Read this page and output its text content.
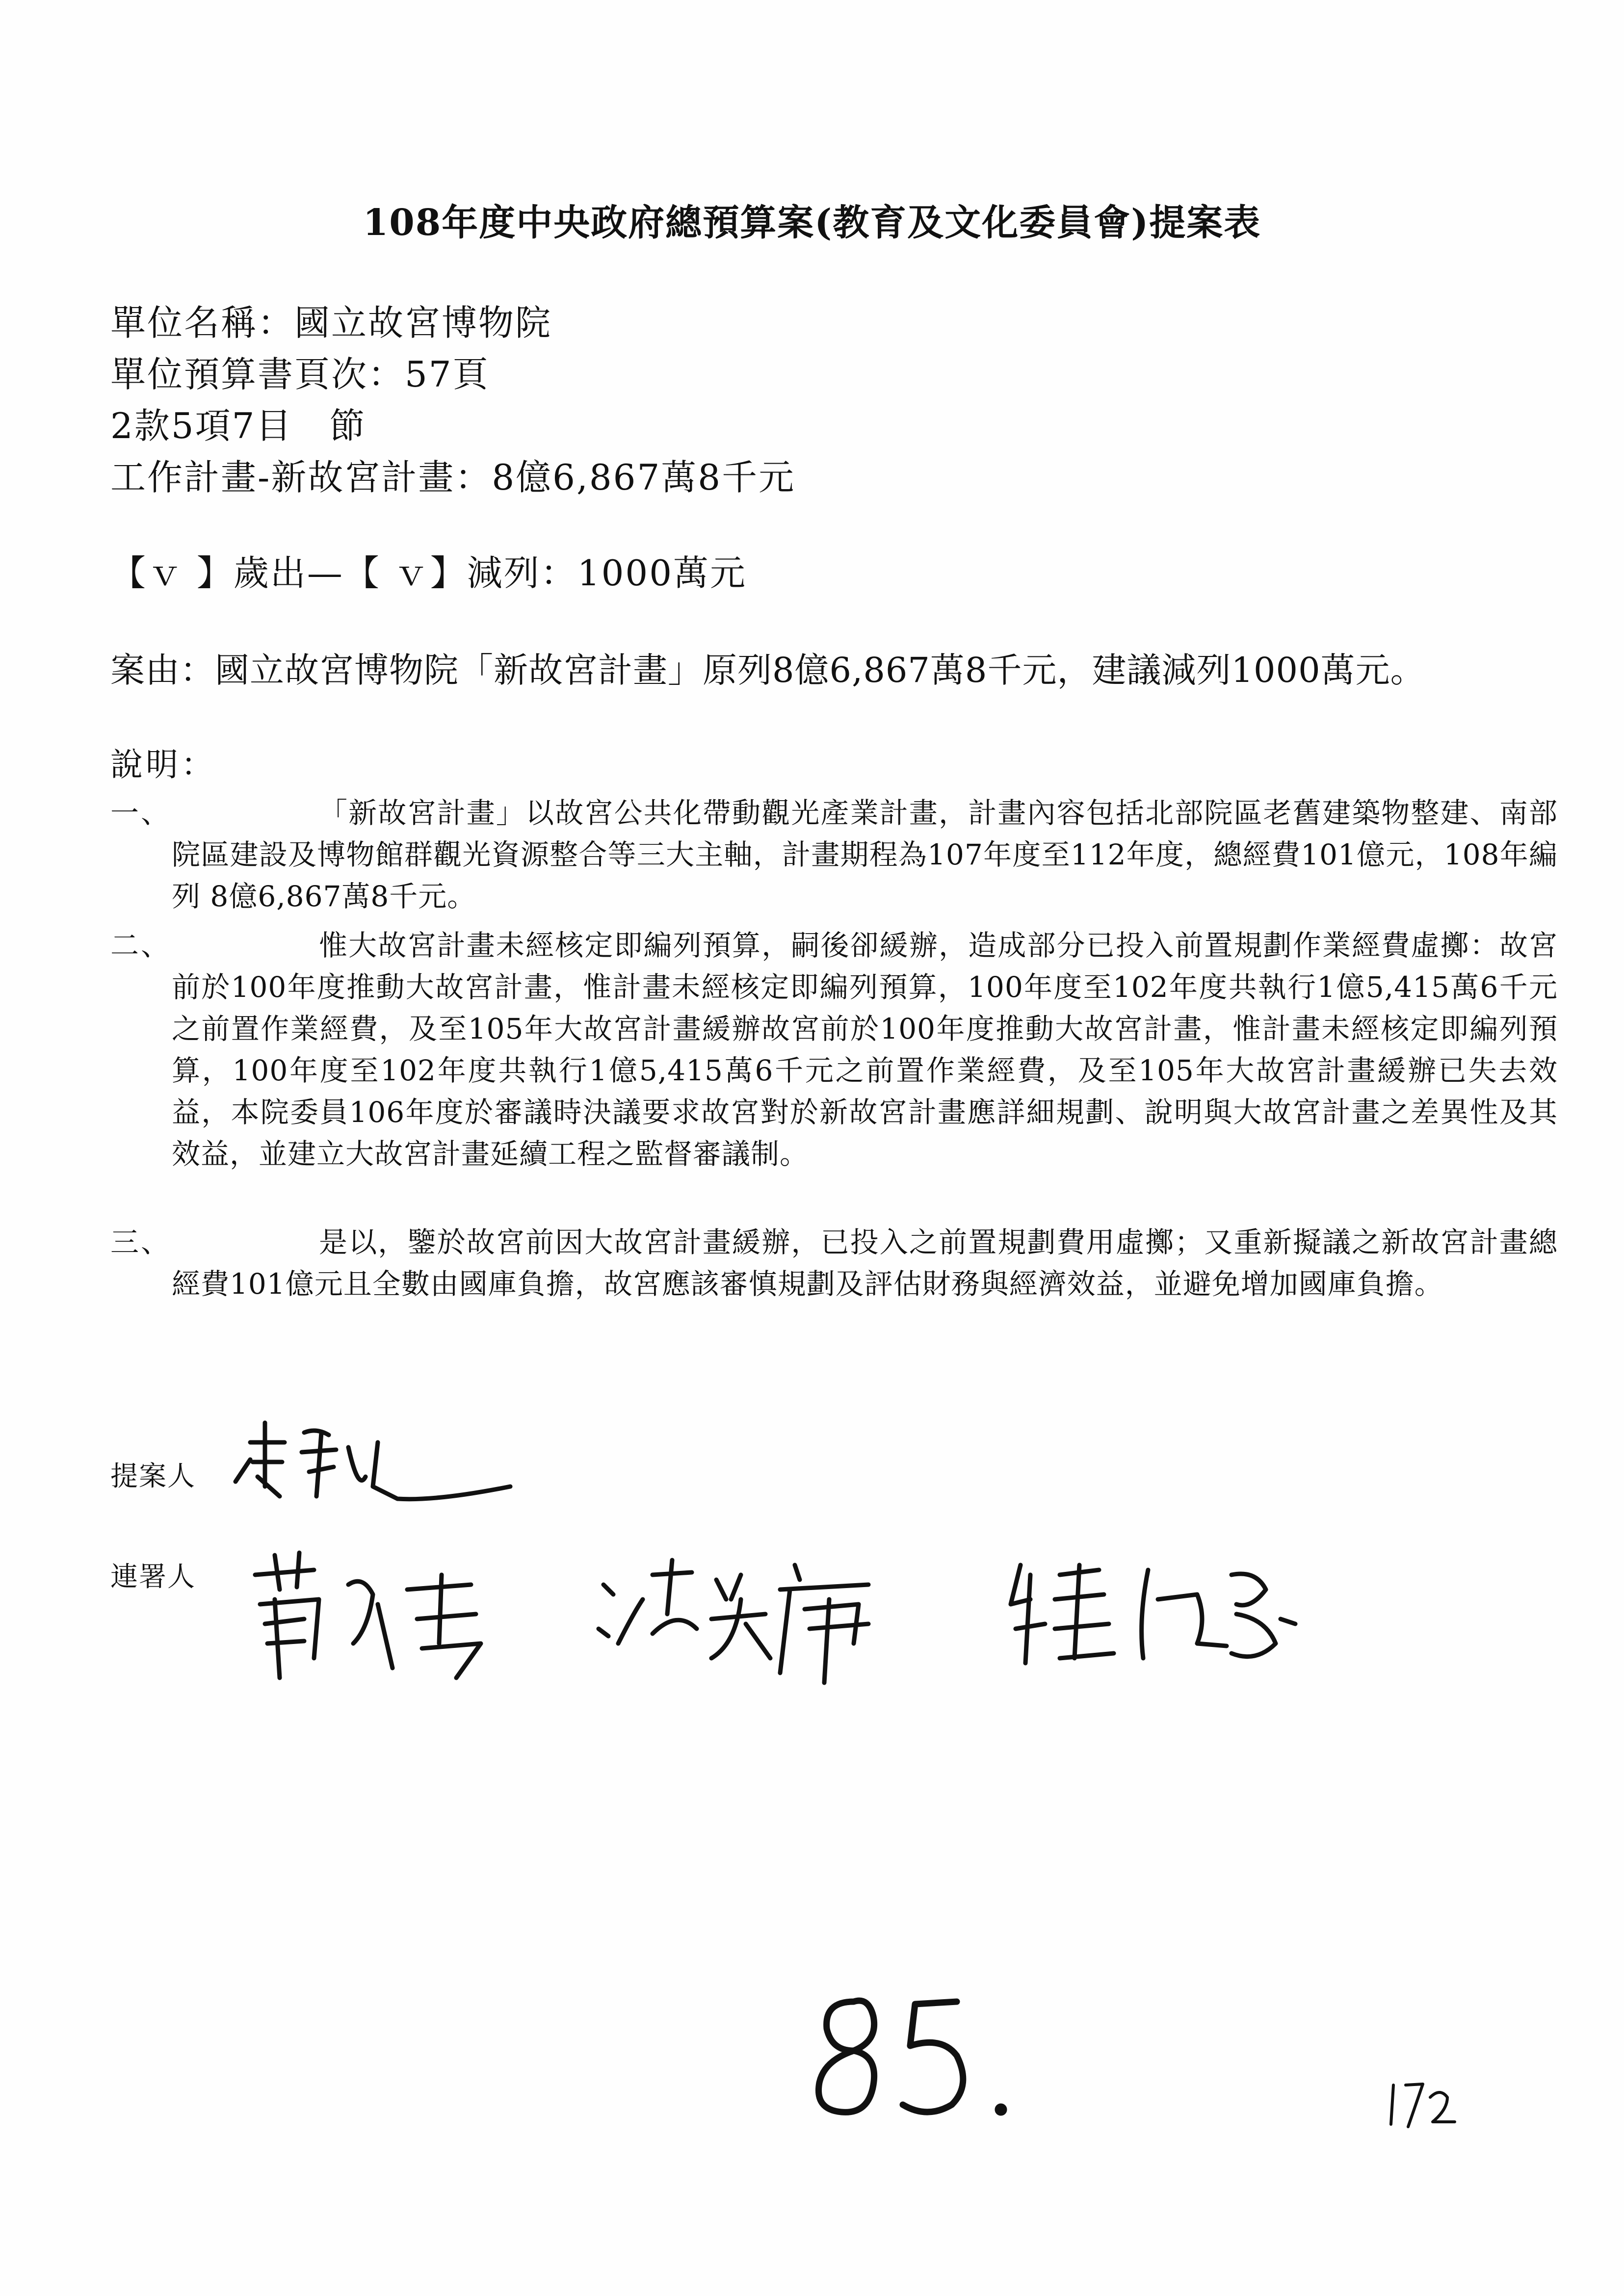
108年度中央政府總預算案(教育及文化委員會)提案表
單位名稱：國立故宮博物院
單位預算書頁次：57頁
2款5項7目　節
工作計畫-新故宮計畫：8億6,867萬8千元
【ｖ 】歲出—【 ｖ】減列：1000萬元
案由：國立故宮博物院「新故宮計畫」原列8億6,867萬8千元，建議減列1000萬元。
說明：
一、	「新故宮計畫」以故宮公共化帶動觀光產業計畫，計畫內容包括北部院區老舊建築物整建、南部院區建設及博物館群觀光資源整合等三大主軸，計畫期程為107年度至112年度，總經費101億元，108年編列 8億6,867萬8千元。
二、	惟大故宮計畫未經核定即編列預算，嗣後卻緩辦，造成部分已投入前置規劃作業經費虛擲：故宮前於100年度推動大故宮計畫，惟計畫未經核定即編列預算，100年度至102年度共執行1億5,415萬6千元之前置作業經費，及至105年大故宮計畫緩辦故宮前於100年度推動大故宮計畫，惟計畫未經核定即編列預算，100年度至102年度共執行1億5,415萬6千元之前置作業經費，及至105年大故宮計畫緩辦已失去效益，本院委員106年度於審議時決議要求故宮對於新故宮計畫應詳細規劃、說明與大故宮計畫之差異性及其效益，並建立大故宮計畫延續工程之監督審議制。
三、	是以，鑒於故宮前因大故宮計畫緩辦，已投入之前置規劃費用虛擲；又重新擬議之新故宮計畫總經費101億元且全數由國庫負擔，故宮應該審慎規劃及評估財務與經濟效益，並避免增加國庫負擔。
提案人
連署人
